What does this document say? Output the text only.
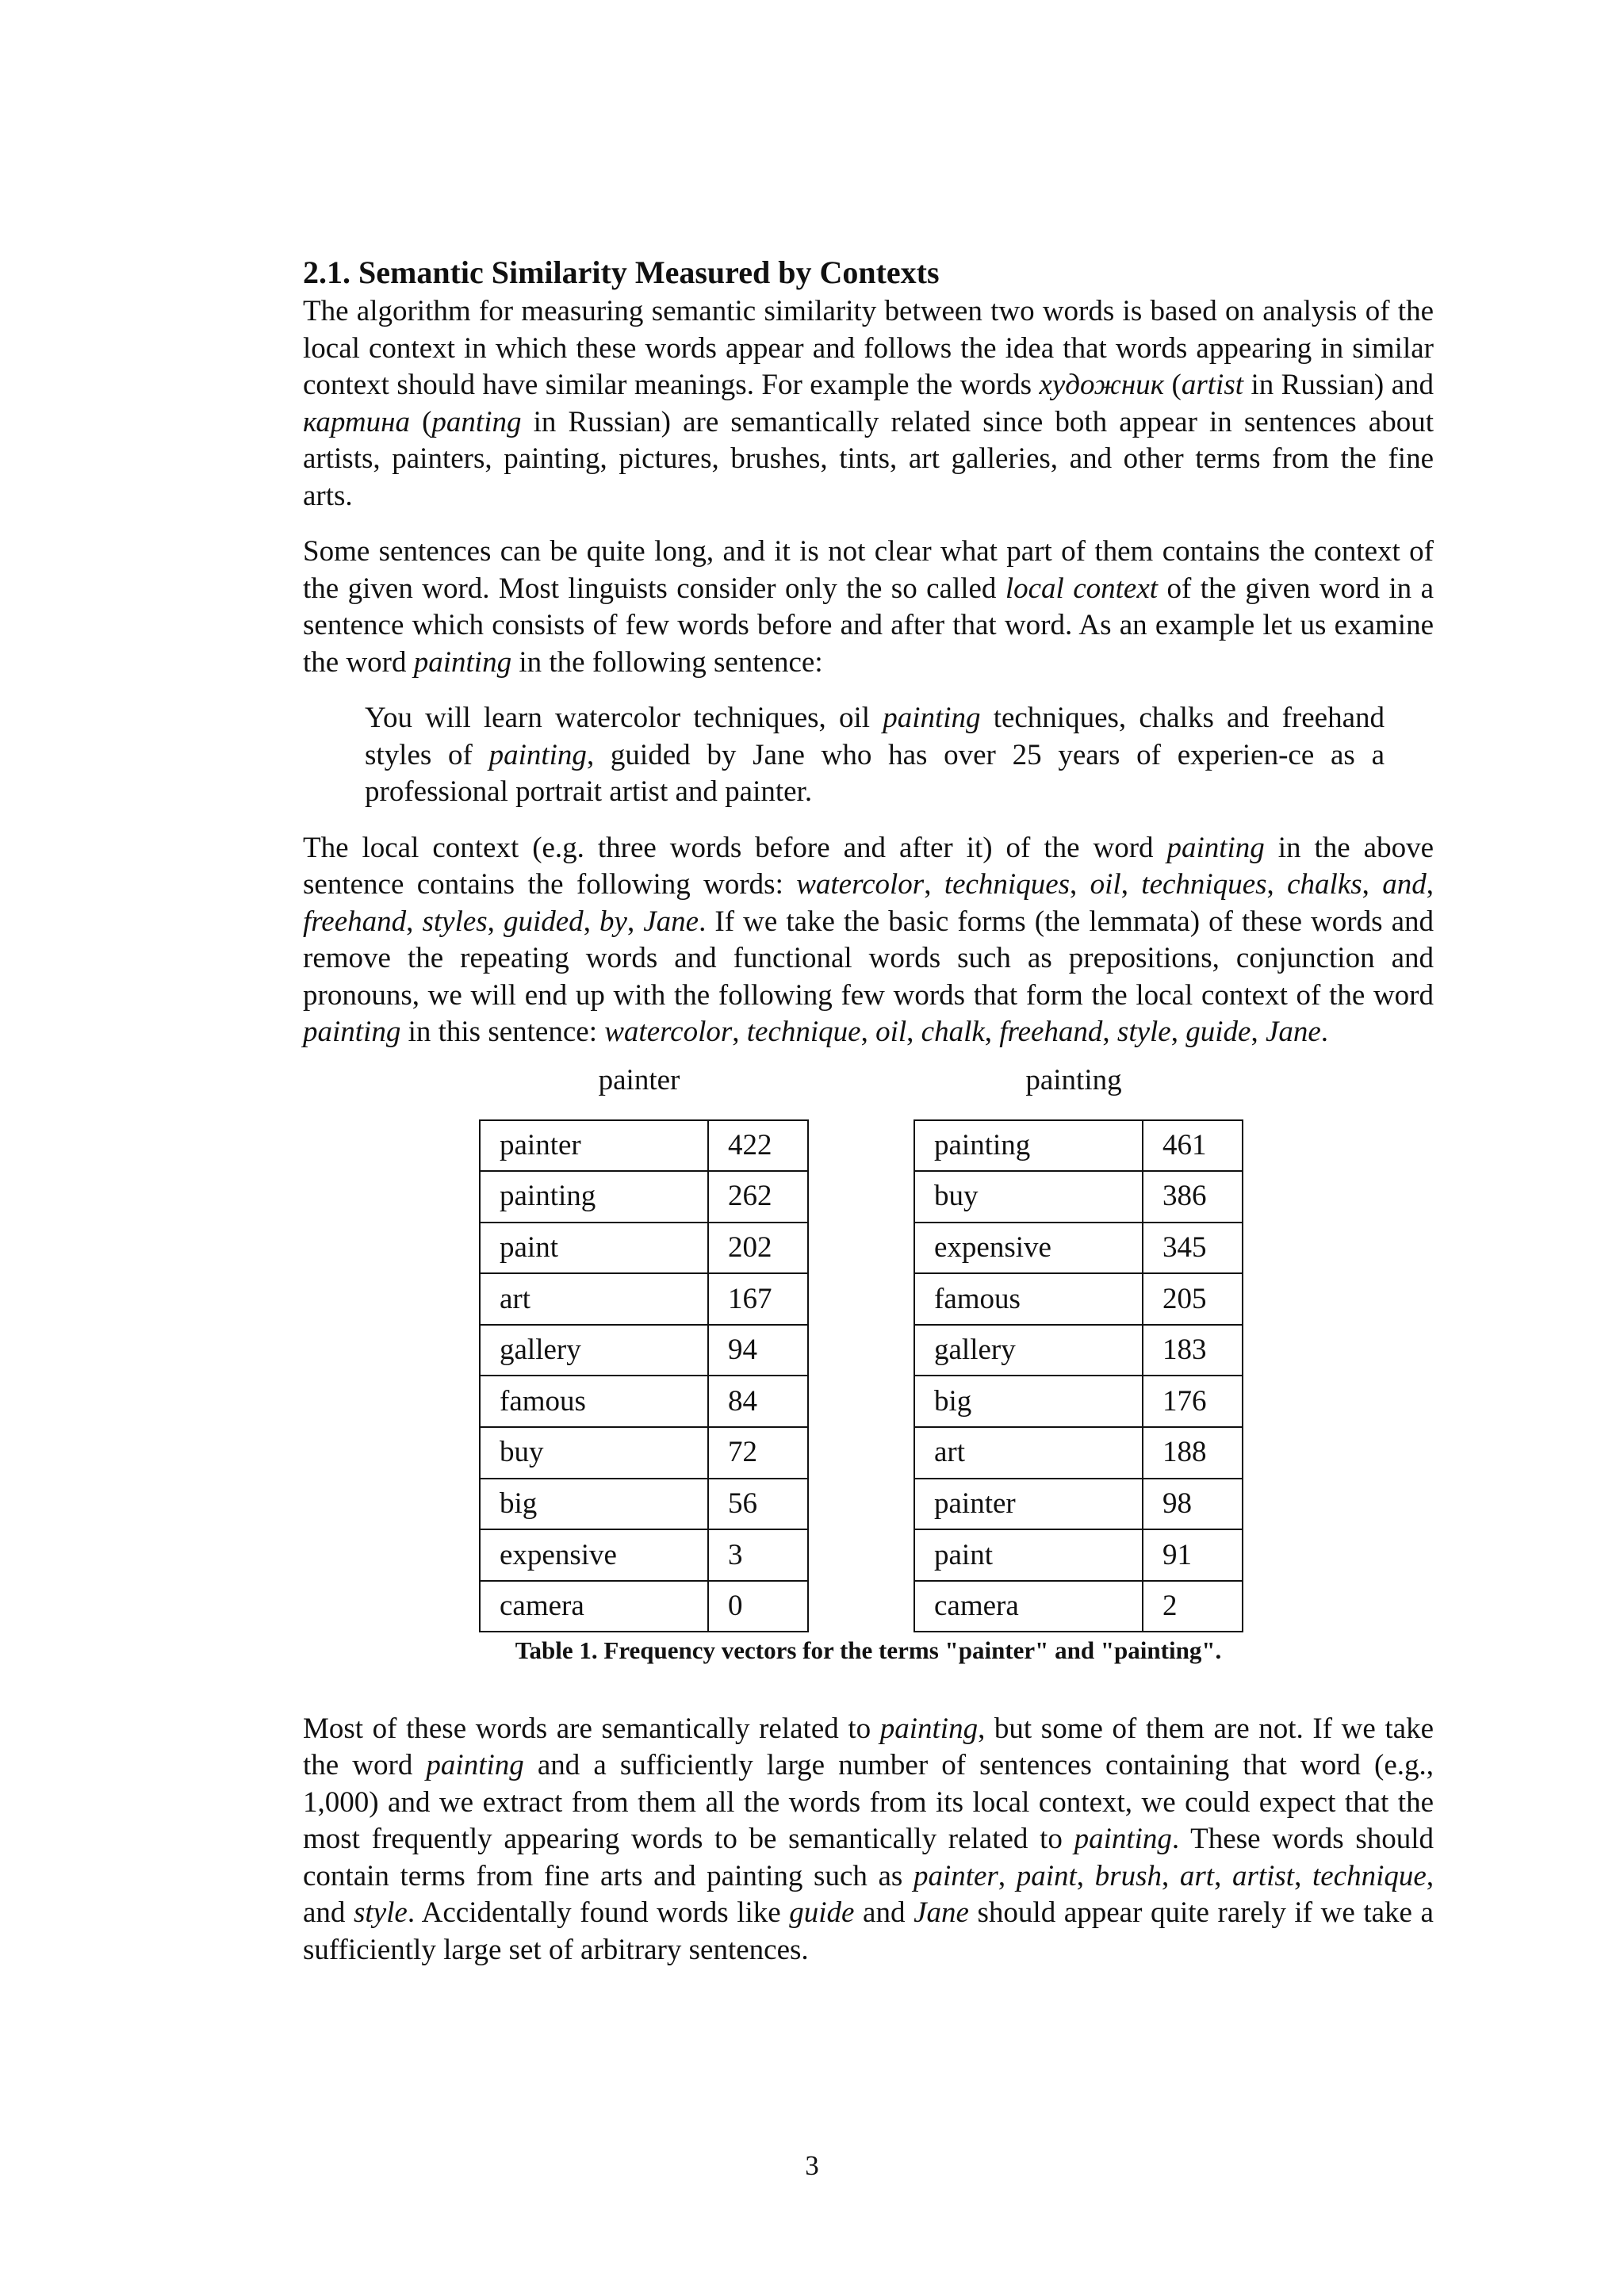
2.1. Semantic Similarity Measured by Contexts

The algorithm for measuring semantic similarity between two words is based on analysis of the local context in which these words appear and follows the idea that words appearing in similar context should have similar meanings. For example the words художник (artist in Russian) and картина (panting in Russian) are semantically related since both appear in sentences about artists, painters, painting, pictures, brushes, tints, art galleries, and other terms from the fine arts.

Some sentences can be quite long, and it is not clear what part of them contains the context of the given word. Most linguists consider only the so called local context of the given word in a sentence which consists of few words before and after that word. As an example let us examine the word painting in the following sentence:

You will learn watercolor techniques, oil painting techniques, chalks and freehand styles of painting, guided by Jane who has over 25 years of experien-ce as a professional portrait artist and painter.

The local context (e.g. three words before and after it) of the word painting in the above sentence contains the following words: watercolor, techniques, oil, techniques, chalks, and, freehand, styles, guided, by, Jane. If we take the basic forms (the lemmata) of these words and remove the repeating words and functional words such as prepositions, conjunction and pronouns, we will end up with the following few words that form the local context of the word painting in this sentence: watercolor, technique, oil, chalk, freehand, style, guide, Jane.

painter	painting
painter	422
painting	262
paint	202
art	167
gallery	94
famous	84
buy	72
big	56
expensive	3
camera	0
painting	461
buy	386
expensive	345
famous	205
gallery	183
big	176
art	188
painter	98
paint	91
camera	2
Table 1. Frequency vectors for the terms "painter" and "painting".

Most of these words are semantically related to painting, but some of them are not. If we take the word painting and a sufficiently large number of sentences containing that word (e.g., 1,000) and we extract from them all the words from its local context, we could expect that the most frequently appearing words to be semantically related to painting. These words should contain terms from fine arts and painting such as painter, paint, brush, art, artist, technique, and style. Accidentally found words like guide and Jane should appear quite rarely if we take a sufficiently large set of arbitrary sentences.

3
